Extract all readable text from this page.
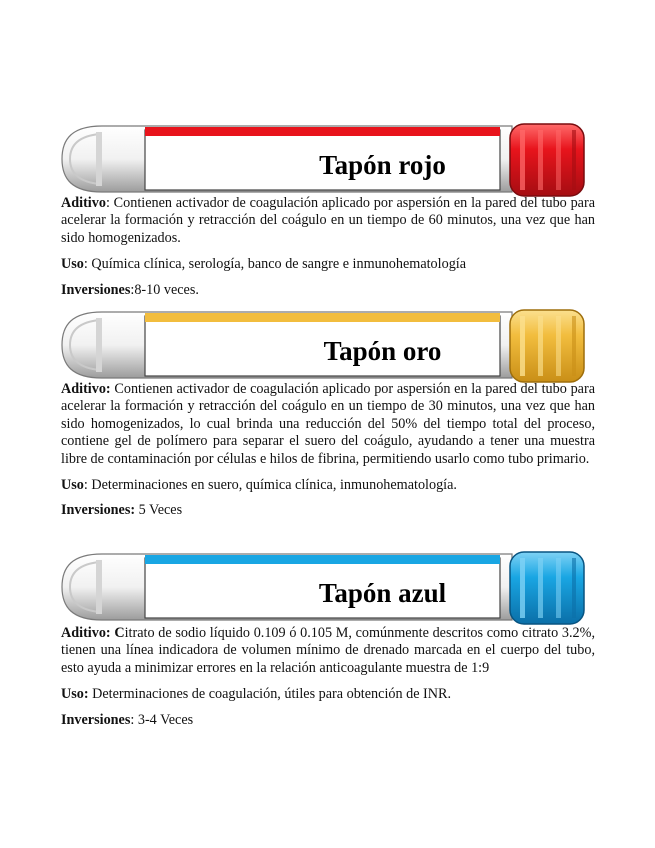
Tapón rojo

Aditivo: Contienen activador de coagulación aplicado por aspersión en la pared del tubo para acelerar la formación y retracción del coágulo en un tiempo de 60 minutos, una vez que han sido homogenizados.

Uso: Química clínica, serología, banco de sangre e inmunohematología

Inversiones:8-10 veces.

Tapón oro

Aditivo: Contienen activador de coagulación aplicado por aspersión en la pared del tubo para acelerar la formación y retracción del coágulo en un tiempo de 30 minutos, una vez que han sido homogenizados, lo cual brinda una reducción del 50% del tiempo total del proceso, contiene gel de polímero para separar el suero del coágulo, ayudando a tener una muestra libre de contaminación por células e hilos de fibrina, permitiendo usarlo como tubo primario.

Uso: Determinaciones en suero, química clínica, inmunohematología.

Inversiones: 5 Veces

Tapón azul

Aditivo: Citrato de sodio líquido 0.109 ó 0.105 M, comúnmente descritos como citrato 3.2%, tienen una línea indicadora de volumen mínimo de drenado marcada en el cuerpo del tubo, esto ayuda a minimizar errores en la relación anticoagulante muestra de 1:9

Uso: Determinaciones de coagulación, útiles para obtención de INR.

Inversiones: 3-4 Veces
